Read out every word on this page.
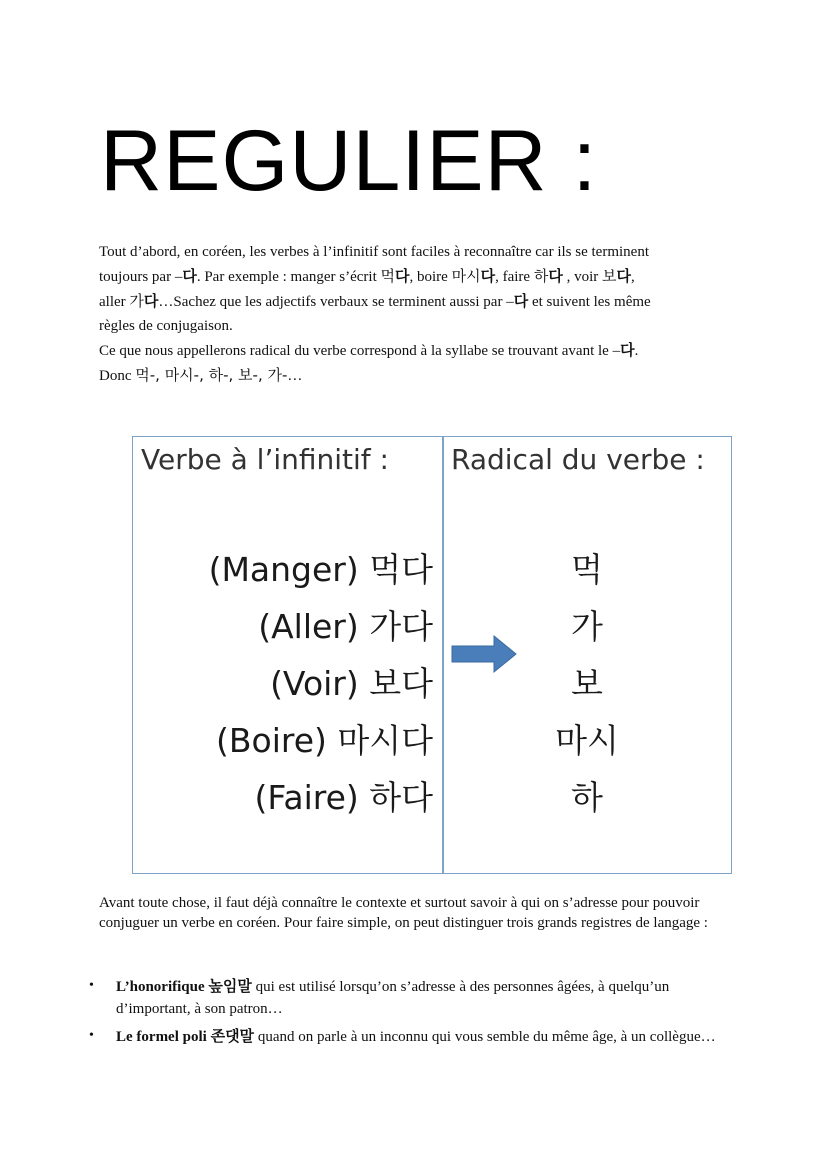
REGULIER :

Tout d’abord, en coréen, les verbes à l’infinitif sont faciles à reconnaître car ils se terminent

toujours par –다. Par exemple : manger s’écrit 먹다, boire 마시다, faire 하다 , voir 보다,

aller 가다…Sachez que les adjectifs verbaux se terminent aussi par –다 et suivent les même

règles de conjugaison.

Ce que nous appellerons radical du verbe correspond à la syllabe se trouvant avant le –다.

Donc 먹-, 마시-, 하-, 보-, 가-…

Verbe à l’infinitif :
(Manger) 먹다
(Aller) 가다
(Voir) 보다
(Boire) 마시다
(Faire) 하다
Radical du verbe :
먹
가
보
마시
하

Avant toute chose, il faut déjà connaître le contexte et surtout savoir à qui on s’adresse pour pouvoir conjuguer un verbe en coréen. Pour faire simple, on peut distinguer trois grands registres de langage :

• L’honorifique 높임말 qui est utilisé lorsqu’on s’adresse à des personnes âgées, à quelqu’un d’important, à son patron…
• Le formel poli 존댓말 quand on parle à un inconnu qui vous semble du même âge, à un collègue…
